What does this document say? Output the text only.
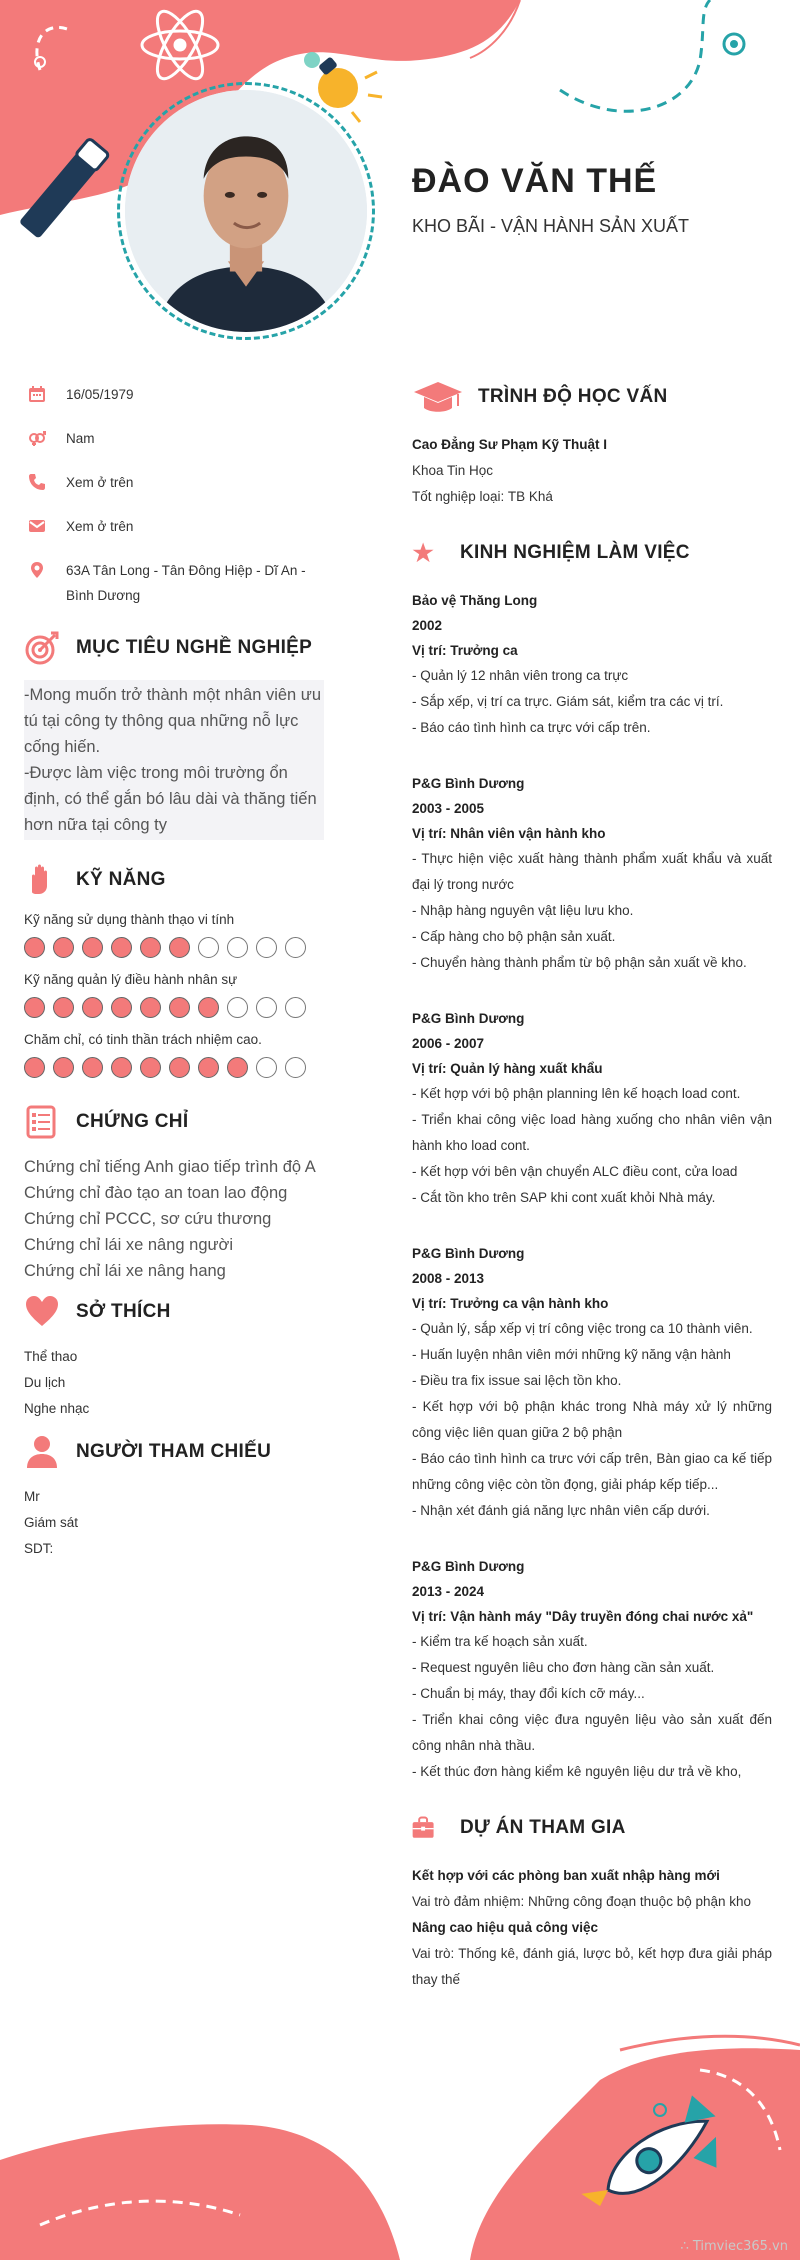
ĐÀO VĂN THẾ
KHO BÃI - VẬN HÀNH SẢN XUẤT
16/05/1979
Nam
Xem ở trên
Xem ở trên
63A Tân Long - Tân Đông Hiệp - Dĩ An - Bình Dương
MỤC TIÊU NGHỀ NGHIỆP
-Mong muốn trở thành một nhân viên ưu tú tại công ty thông qua những nỗ lực cống hiến.
-Được làm việc trong môi trường ổn định, có thể gắn bó lâu dài và thăng tiến hơn nữa tại công ty
KỸ NĂNG
Kỹ năng sử dụng thành thạo vi tính
Kỹ năng quản lý điều hành nhân sự
Chăm chỉ, có tinh thần trách nhiệm cao.
CHỨNG CHỈ
Chứng chỉ tiếng Anh giao tiếp trình độ A
Chứng chỉ đào tạo an toan lao động
Chứng chỉ PCCC, sơ cứu thương
Chứng chỉ lái xe nâng người
Chứng chỉ lái xe nâng hang
SỞ THÍCH
Thể thao
Du lịch
Nghe nhạc
NGƯỜI THAM CHIẾU
Mr
Giám sát
SDT:
TRÌNH ĐỘ HỌC VẤN
Cao Đẳng Sư Phạm Kỹ Thuật I
Khoa Tin Học
Tốt nghiệp loại: TB Khá
KINH NGHIỆM LÀM VIỆC
Bảo vệ Thăng Long
2002
Vị trí: Trưởng ca
- Quản lý 12 nhân viên trong ca trực
- Sắp xếp, vị trí ca trực. Giám sát, kiểm tra các vị trí.
- Báo cáo tình hình ca trực với cấp trên.
P&G Bình Dương
2003 - 2005
Vị trí: Nhân viên vận hành kho
- Thực hiện việc xuất hàng thành phẩm xuất khẩu và xuất đại lý trong nước
- Nhập hàng nguyên vật liệu lưu kho.
- Cấp hàng cho bộ phận sản xuất.
- Chuyển hàng thành phẩm từ bộ phận sản xuất về kho.
P&G Bình Dương
2006 - 2007
Vị trí: Quản lý hàng xuất khẩu
- Kết hợp với bộ phận planning lên kế hoạch load cont.
- Triển khai công việc load hàng xuống cho nhân viên vận hành kho load cont.
- Kết hợp với bên vận chuyển ALC điều cont, cửa load
- Cắt tồn kho trên SAP khi cont xuất khỏi Nhà máy.
P&G Bình Dương
2008 - 2013
Vị trí: Trưởng ca vận hành kho
- Quản lý, sắp xếp vị trí công việc trong ca 10 thành viên.
- Huấn luyện nhân viên mới những kỹ năng vận hành
- Điều tra fix issue sai lệch tồn kho.
- Kết hợp với bộ phận khác trong Nhà máy xử lý những công việc liên quan giữa 2 bộ phận
- Báo cáo tình hình ca trưc với cấp trên, Bàn giao ca kế tiếp những công việc còn tồn đọng, giải pháp kếp tiếp...
- Nhận xét đánh giá năng lực nhân viên cấp dưới.
P&G Bình Dương
2013 - 2024
Vị trí: Vận hành máy "Dây truyền đóng chai nước xả"
- Kiểm tra kế hoạch sản xuất.
- Request nguyên liêu cho đơn hàng cần sản xuất.
- Chuẩn bị máy, thay đổi kích cỡ máy...
- Triển khai công việc đưa nguyên liệu vào sản xuất đến công nhân nhà thầu.
- Kết thúc đơn hàng kiểm kê nguyên liệu dư trả về kho,
DỰ ÁN THAM GIA
Kết hợp với các phòng ban xuất nhập hàng mới
Vai trò đảm nhiệm: Những công đoạn thuộc bộ phận kho
Nâng cao hiệu quả công việc
Vai trò: Thống kê, đánh giá, lược bỏ, kết hợp đưa giải pháp thay thế
∴ Timviec365.vn
